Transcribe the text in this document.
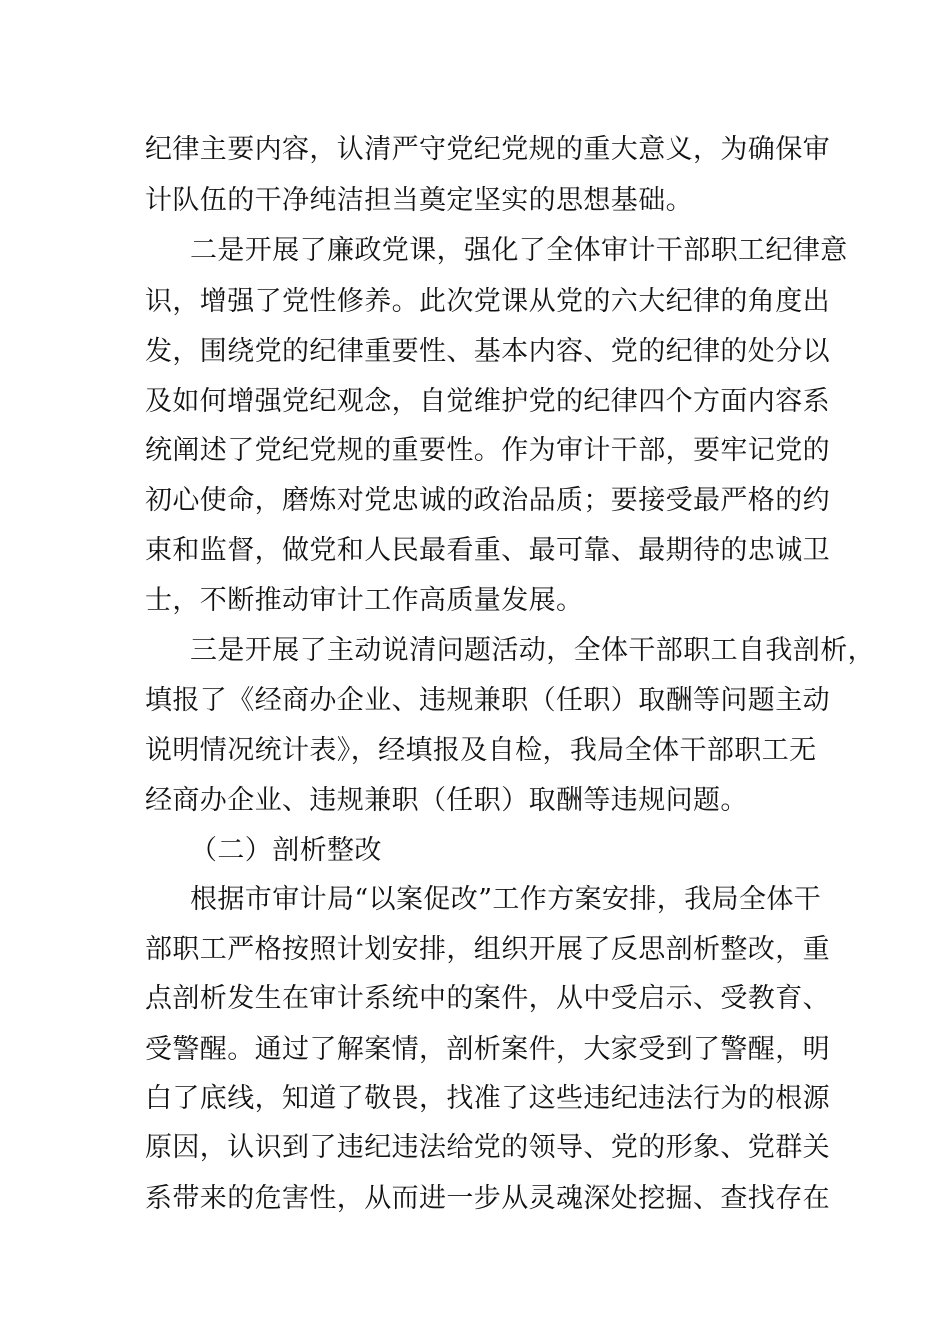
纪律主要内容，认清严守党纪党规的重大意义，为确保审
计队伍的干净纯洁担当奠定坚实的思想基础。
二是开展了廉政党课，强化了全体审计干部职工纪律意
识，增强了党性修养。此次党课从党的六大纪律的角度出
发，围绕党的纪律重要性、基本内容、党的纪律的处分以
及如何增强党纪观念，自觉维护党的纪律四个方面内容系
统阐述了党纪党规的重要性。作为审计干部，要牢记党的
初心使命，磨炼对党忠诚的政治品质；要接受最严格的约
束和监督，做党和人民最看重、最可靠、最期待的忠诚卫
士，不断推动审计工作高质量发展。
三是开展了主动说清问题活动，全体干部职工自我剖析，
填报了《经商办企业、违规兼职（任职）取酬等问题主动
说明情况统计表》，经填报及自检，我局全体干部职工无
经商办企业、违规兼职（任职）取酬等违规问题。
（二）剖析整改
根据市审计局“以案促改”工作方案安排，我局全体干
部职工严格按照计划安排，组织开展了反思剖析整改，重
点剖析发生在审计系统中的案件，从中受启示、受教育、
受警醒。通过了解案情，剖析案件，大家受到了警醒，明
白了底线，知道了敬畏，找准了这些违纪违法行为的根源
原因，认识到了违纪违法给党的领导、党的形象、党群关
系带来的危害性，从而进一步从灵魂深处挖掘、查找存在
